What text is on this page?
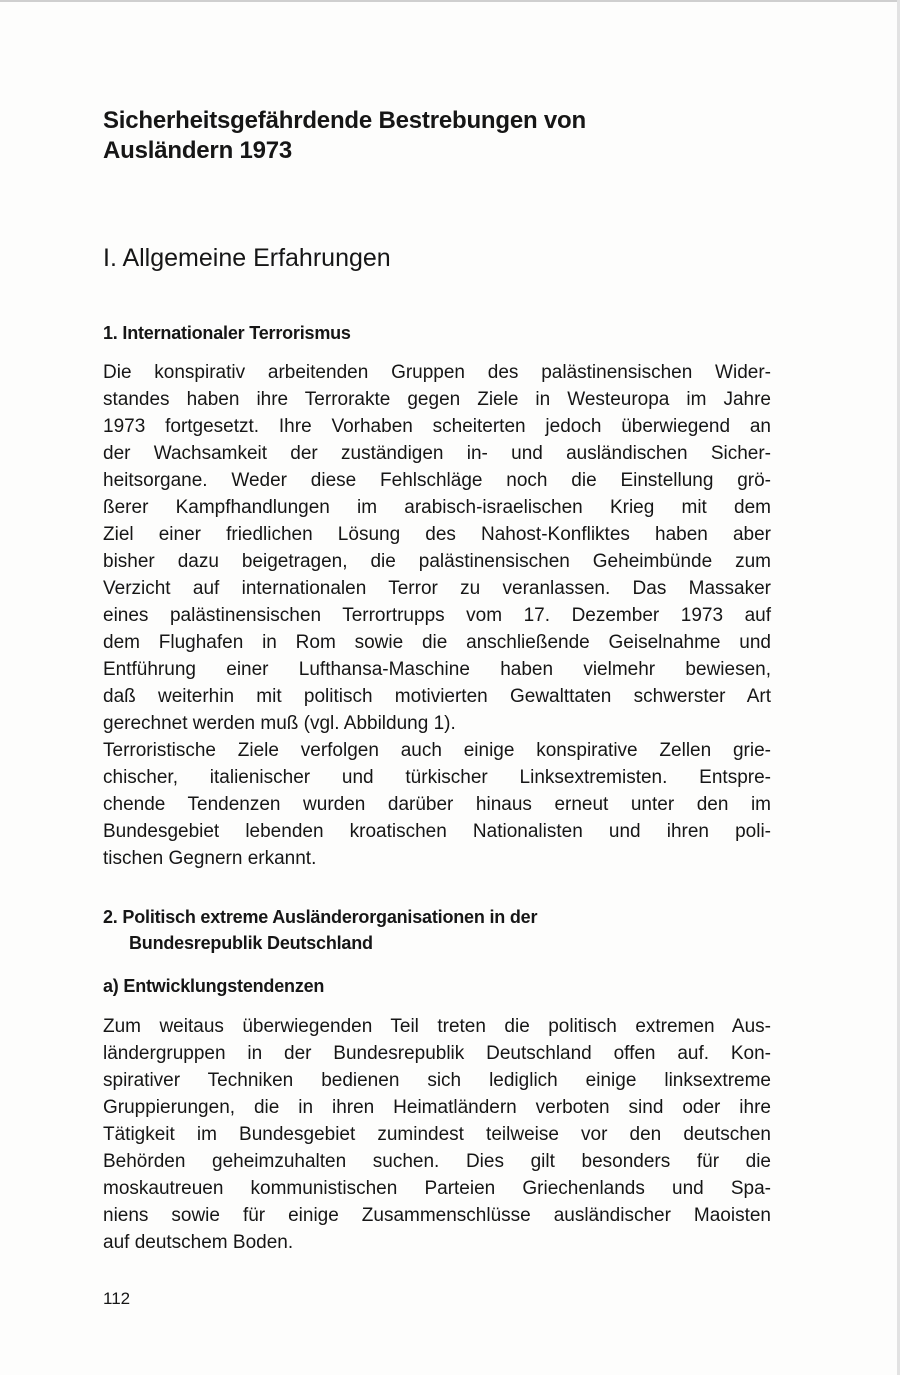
Sicherheitsgefährdende Bestrebungen von
Ausländern 1973
I. Allgemeine Erfahrungen
1. Internationaler Terrorismus
Die konspirativ arbeitenden Gruppen des palästinensischen Wider-
standes haben ihre Terrorakte gegen Ziele in Westeuropa im Jahre
1973 fortgesetzt. Ihre Vorhaben scheiterten jedoch überwiegend an
der Wachsamkeit der zuständigen in- und ausländischen Sicher-
heitsorgane. Weder diese Fehlschläge noch die Einstellung grö-
ßerer Kampfhandlungen im arabisch-israelischen Krieg mit dem
Ziel einer friedlichen Lösung des Nahost-Konfliktes haben aber
bisher dazu beigetragen, die palästinensischen Geheimbünde zum
Verzicht auf internationalen Terror zu veranlassen. Das Massaker
eines palästinensischen Terrortrupps vom 17. Dezember 1973 auf
dem Flughafen in Rom sowie die anschließende Geiselnahme und
Entführung einer Lufthansa-Maschine haben vielmehr bewiesen,
daß weiterhin mit politisch motivierten Gewalttaten schwerster Art
gerechnet werden muß (vgl. Abbildung 1).
Terroristische Ziele verfolgen auch einige konspirative Zellen grie-
chischer, italienischer und türkischer Linksextremisten. Entspre-
chende Tendenzen wurden darüber hinaus erneut unter den im
Bundesgebiet lebenden kroatischen Nationalisten und ihren poli-
tischen Gegnern erkannt.
2. Politisch extreme Ausländerorganisationen in der
Bundesrepublik Deutschland
a) Entwicklungstendenzen
Zum weitaus überwiegenden Teil treten die politisch extremen Aus-
ländergruppen in der Bundesrepublik Deutschland offen auf. Kon-
spirativer Techniken bedienen sich lediglich einige linksextreme
Gruppierungen, die in ihren Heimatländern verboten sind oder ihre
Tätigkeit im Bundesgebiet zumindest teilweise vor den deutschen
Behörden geheimzuhalten suchen. Dies gilt besonders für die
moskautreuen kommunistischen Parteien Griechenlands und Spa-
niens sowie für einige Zusammenschlüsse ausländischer Maoisten
auf deutschem Boden.
112
